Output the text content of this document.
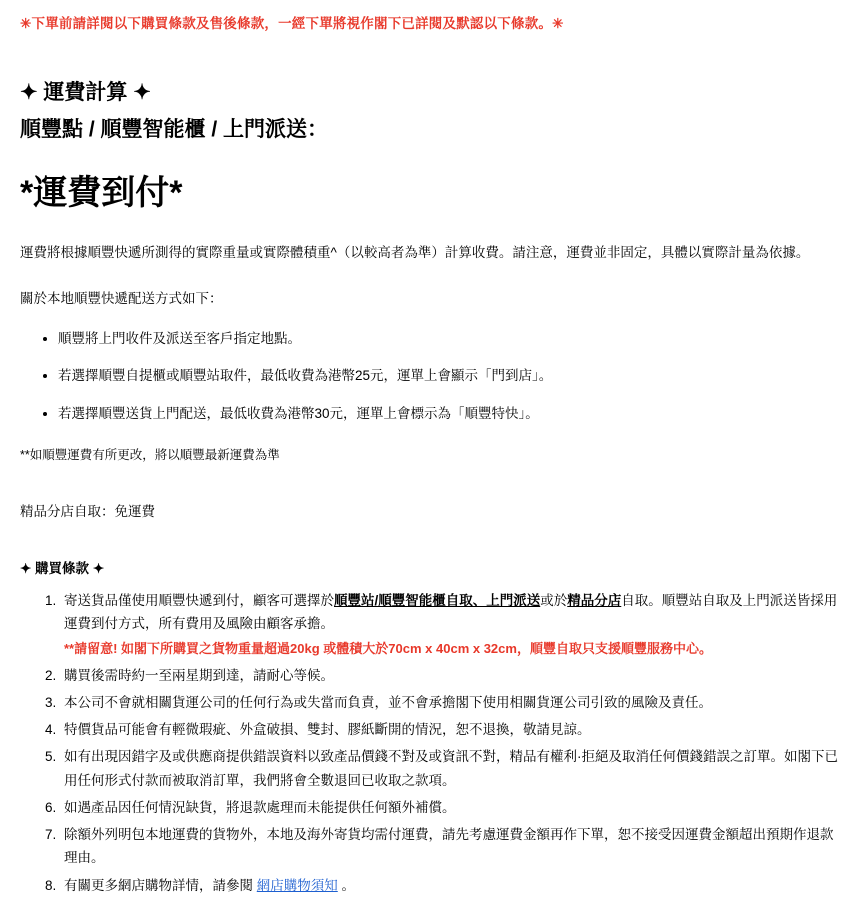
✳下單前請詳閱以下購買條款及售後條款，一經下單將視作閣下已詳閱及默認以下條款。✳

✦ 運費計算 ✦
順豐點 / 順豐智能櫃 / 上門派送：
*運費到付*

運費將根據順豐快遞所測得的實際重量或實際體積重^（以較高者為準）計算收費。請注意，運費並非固定，具體以實際計量為依據。

關於本地順豐快遞配送方式如下：

• 順豐將上門收件及派送至客戶指定地點。
• 若選擇順豐自提櫃或順豐站取件，最低收費為港幣25元，運單上會顯示「門到店」。
• 若選擇順豐送貨上門配送，最低收費為港幣30元，運單上會標示為「順豐特快」。

**如順豐運費有所更改，將以順豐最新運費為準

精品分店自取：免運費

✦ 購買條款 ✦

1. 寄送貨品僅使用順豐快遞到付，顧客可選擇於順豐站/順豐智能櫃自取、上門派送或於精品分店自取。順豐站自取及上門派送皆採用運費到付方式，所有費用及風險由顧客承擔。
**請留意! 如閣下所購買之貨物重量超過20kg 或體積大於70cm x 40cm x 32cm，順豐自取只支援順豐服務中心。
2. 購買後需時約一至兩星期到達，請耐心等候。
3. 本公司不會就相關貨運公司的任何行為或失當而負責，並不會承擔閣下使用相關貨運公司引致的風險及責任。
4. 特價貨品可能會有輕微瑕疵、外盒破損、雙封、膠紙斷開的情況，恕不退換，敬請見諒。
5. 如有出現因錯字及或供應商提供錯誤資料以致產品價錢不對及或資訊不對，精品有權利·拒絕及取消任何價錢錯誤之訂單。如閣下已用任何形式付款而被取消訂單，我們將會全數退回已收取之款項。
6. 如遇產品因任何情況缺貨，將退款處理而未能提供任何額外補償。
7. 除額外列明包本地運費的貨物外，本地及海外寄貨均需付運費，請先考慮運費金額再作下單，恕不接受因運費金額超出預期作退款理由。
8. 有關更多網店購物詳情，請參閱 網店購物須知 。
